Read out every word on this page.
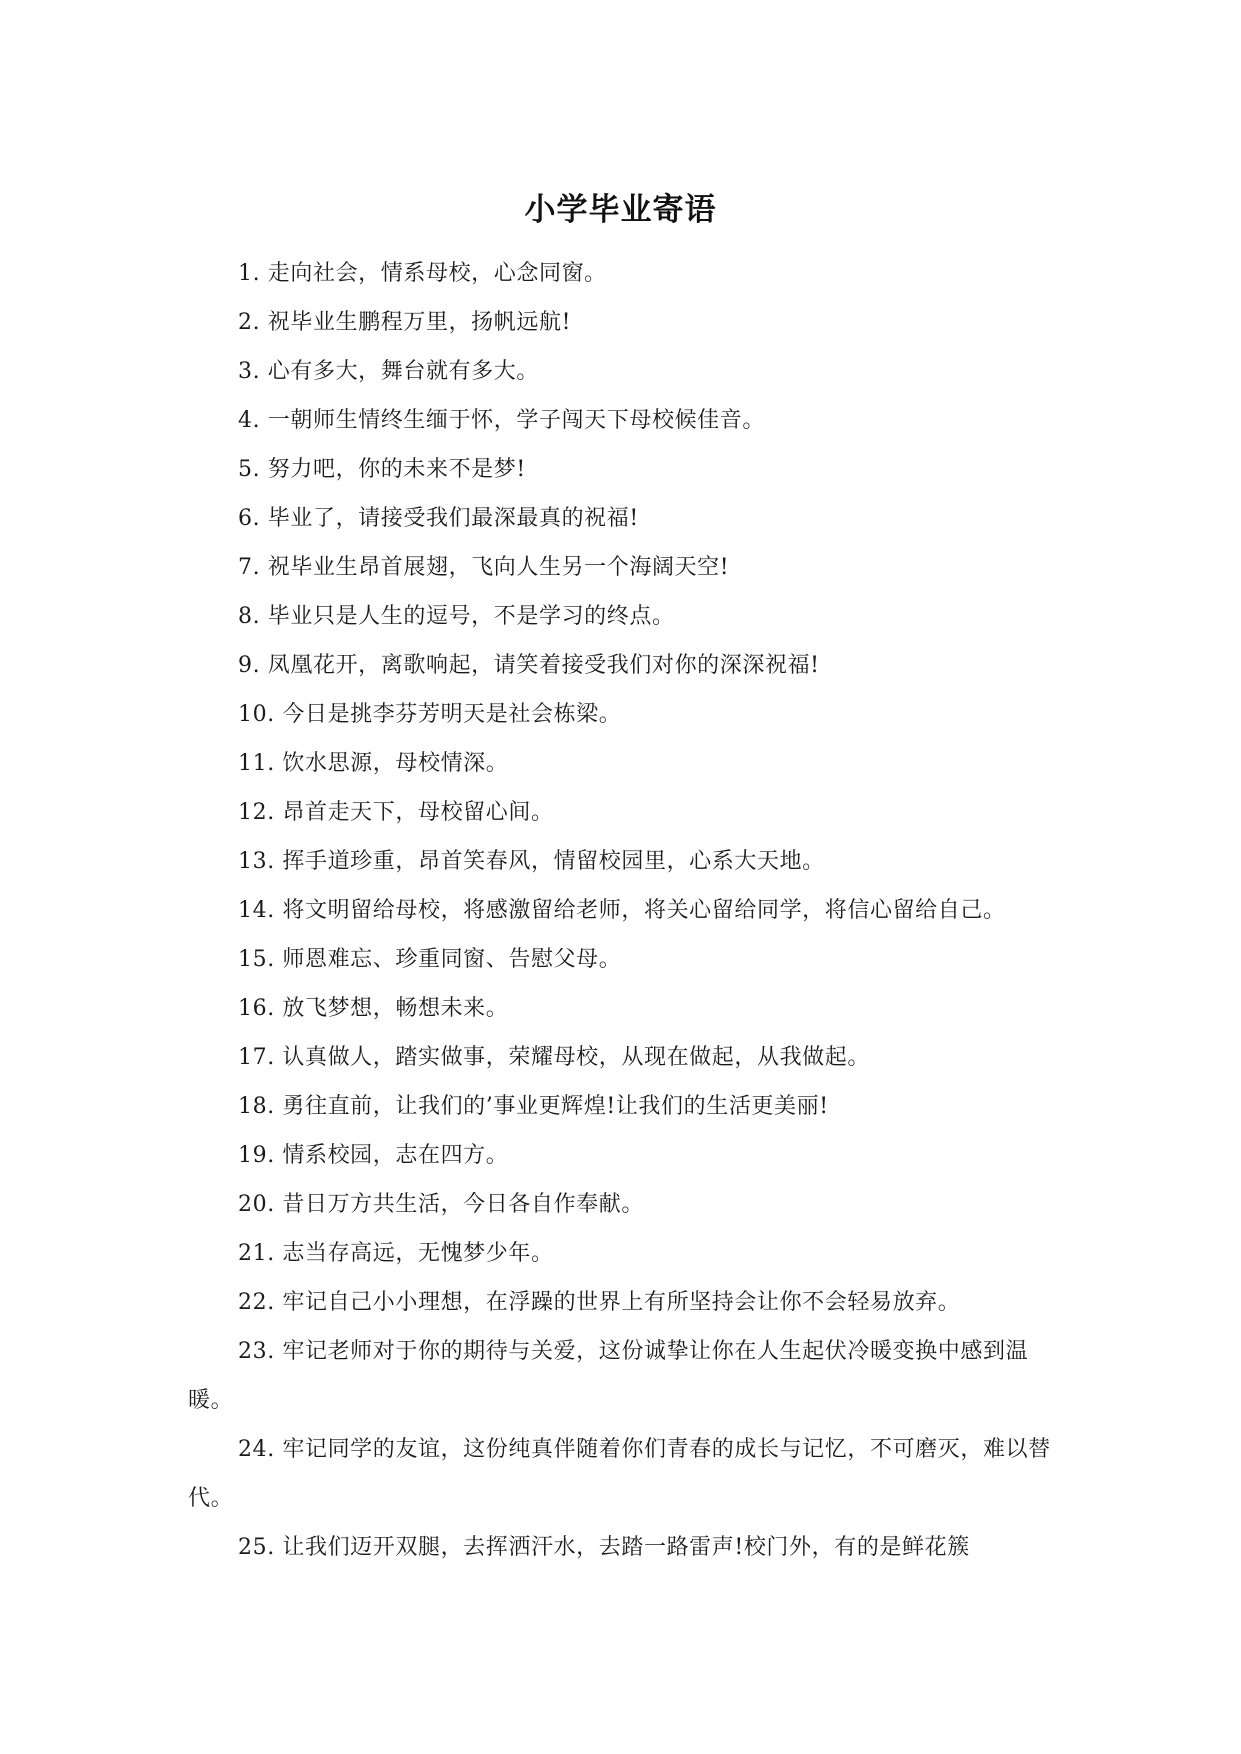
小学毕业寄语

1. 走向社会，情系母校，心念同窗。

2. 祝毕业生鹏程万里，扬帆远航!

3. 心有多大，舞台就有多大。

4. 一朝师生情终生缅于怀，学子闯天下母校候佳音。

5. 努力吧，你的未来不是梦!

6. 毕业了，请接受我们最深最真的祝福!

7. 祝毕业生昂首展翅，飞向人生另一个海阔天空!

8. 毕业只是人生的逗号，不是学习的终点。

9. 凤凰花开，离歌响起，请笑着接受我们对你的深深祝福!

10. 今日是挑李芬芳明天是社会栋梁。

11. 饮水思源，母校情深。

12. 昂首走天下，母校留心间。

13. 挥手道珍重，昂首笑春风，情留校园里，心系大天地。

14. 将文明留给母校，将感激留给老师，将关心留给同学，将信心留给自己。

15. 师恩难忘、珍重同窗、告慰父母。

16. 放飞梦想，畅想未来。

17. 认真做人，踏实做事，荣耀母校，从现在做起，从我做起。

18. 勇往直前，让我们的’事业更辉煌!让我们的生活更美丽!

19. 情系校园，志在四方。

20. 昔日万方共生活，今日各自作奉献。

21. 志当存高远，无愧梦少年。

22. 牢记自己小小理想，在浮躁的世界上有所坚持会让你不会轻易放弃。

23. 牢记老师对于你的期待与关爱，这份诚挚让你在人生起伏冷暖变换中感到温暖。

24. 牢记同学的友谊，这份纯真伴随着你们青春的成长与记忆，不可磨灭，难以替代。

25. 让我们迈开双腿，去挥洒汗水，去踏一路雷声!校门外，有的是鲜花簇
